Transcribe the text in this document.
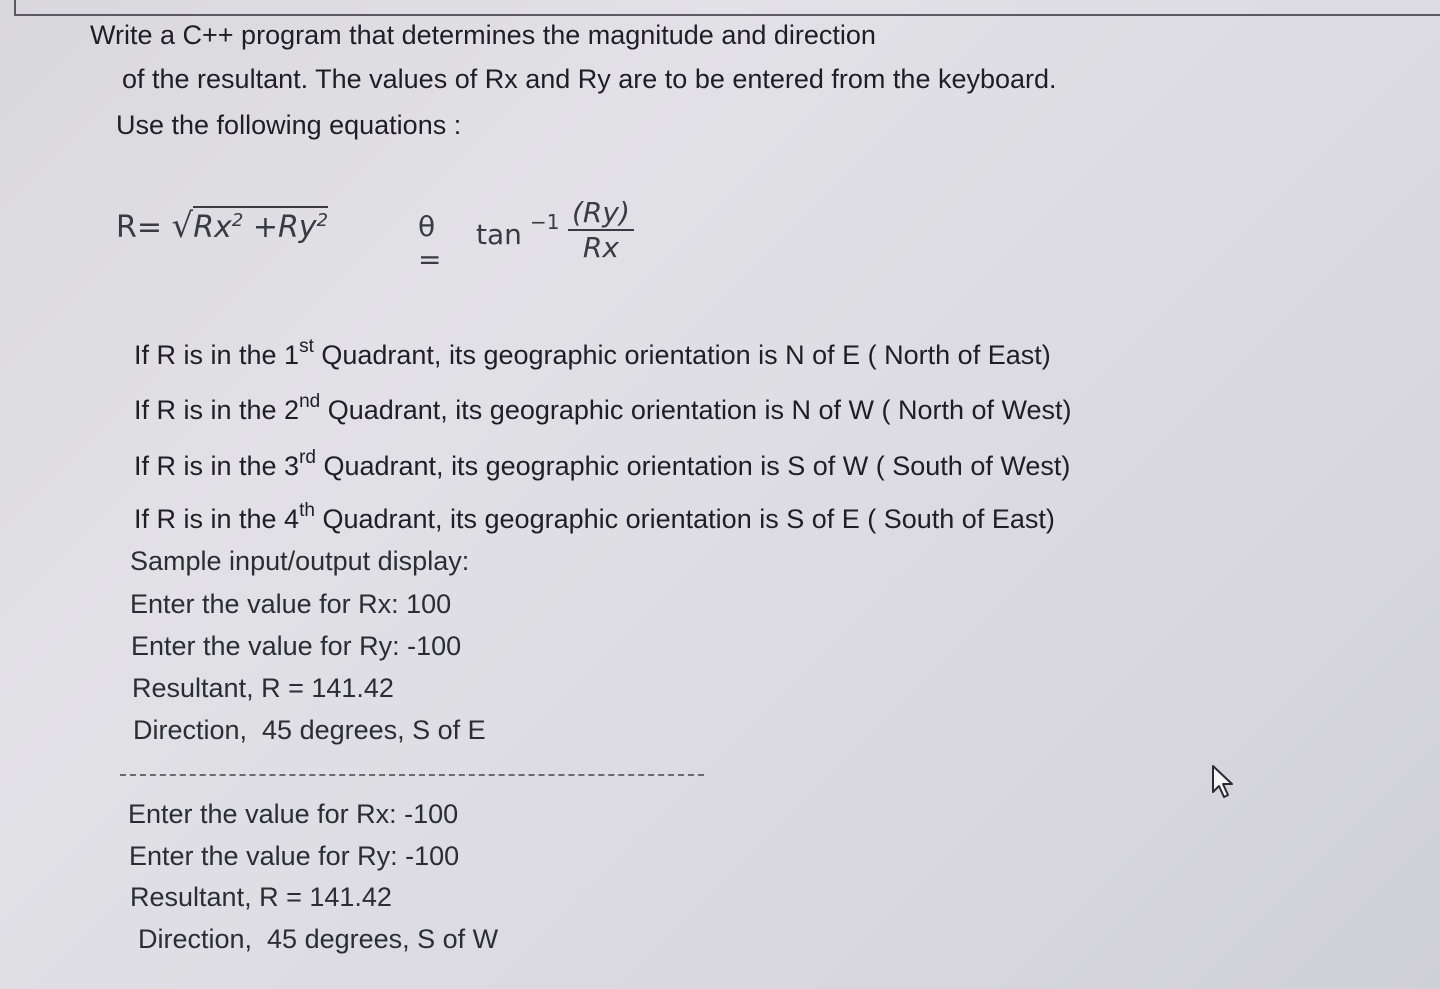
Write a C++ program that determines the magnitude and direction
of the resultant. The values of Rx and Ry are to be entered from the keyboard.
Use the following equations :
$R= √Rx^2 +Ry^2$	θ =
$\tan -1 \frac{(Ry)}{Rx}$
If R is in the 1st Quadrant, its geographic orientation is N of E ( North of East)
If R is in the 2nd Quadrant, its geographic orientation is N of W ( North of West)
If R is in the 3rd Quadrant, its geographic orientation is S of W ( South of West)
If R is in the 4th Quadrant, its geographic orientation is S of E ( South of East)
Sample input/output display:
Enter the value for Rx: 100
Enter the value for Ry: -100
Resultant, R = 141.42
Direction,  45 degrees, S of E
Enter the value for Rx: -100
Enter the value for Ry: -100
Resultant, R = 141.42
Direction,  45 degrees, S of W
